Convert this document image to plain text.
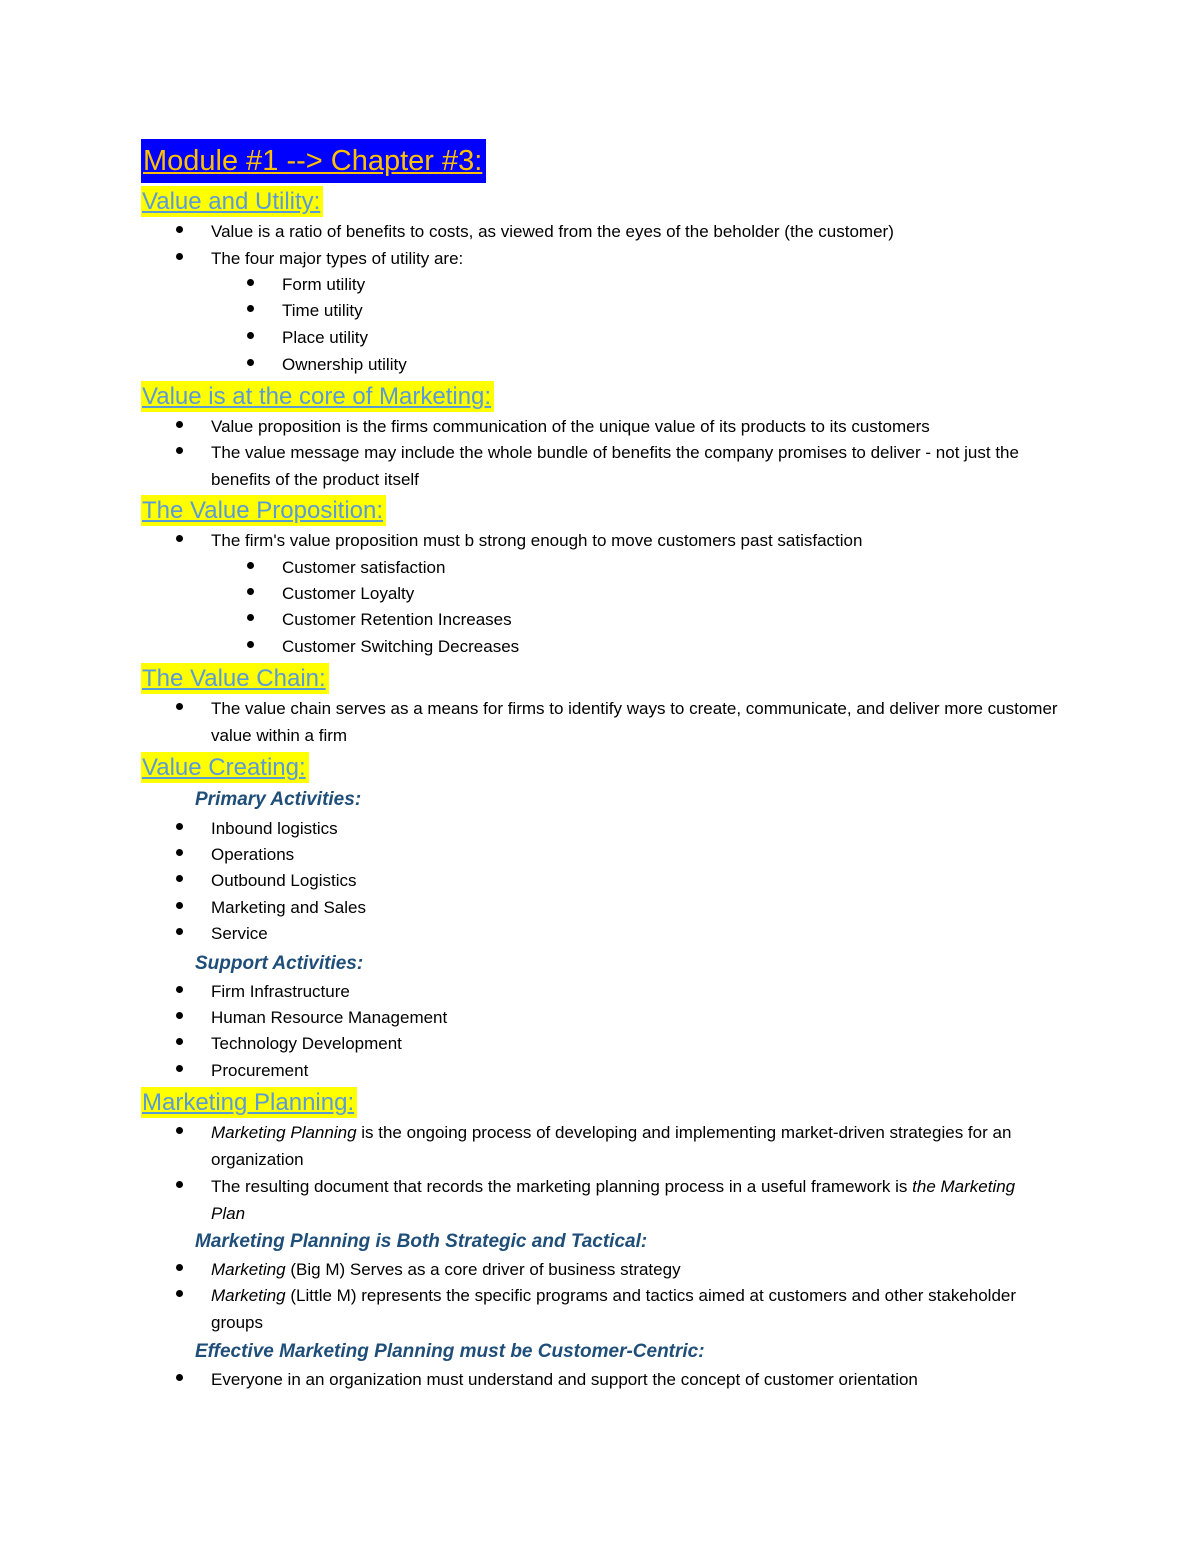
Module #1 --> Chapter #3:
Value and Utility:
Value is a ratio of benefits to costs, as viewed from the eyes of the beholder (the customer)
The four major types of utility are:
Form utility
Time utility
Place utility
Ownership utility
Value is at the core of Marketing:
Value proposition is the firms communication of the unique value of its products to its customers
The value message may include the whole bundle of benefits the company promises to deliver - not just the benefits of the product itself
The Value Proposition:
The firm's value proposition must b strong enough to move customers past satisfaction
Customer satisfaction
Customer Loyalty
Customer Retention Increases
Customer Switching Decreases
The Value Chain:
The value chain serves as a means for firms to identify ways to create, communicate, and deliver more customer value within a firm
Value Creating:
Primary Activities:
Inbound logistics
Operations
Outbound Logistics
Marketing and Sales
Service
Support Activities:
Firm Infrastructure
Human Resource Management
Technology Development
Procurement
Marketing Planning:
Marketing Planning is the ongoing process of developing and implementing market-driven strategies for an organization
The resulting document that records the marketing planning process in a useful framework is the Marketing Plan
Marketing Planning is Both Strategic and Tactical:
Marketing (Big M) Serves as a core driver of business strategy
Marketing (Little M) represents the specific programs and tactics aimed at customers and other stakeholder groups
Effective Marketing Planning must be Customer-Centric:
Everyone in an organization must understand and support the concept of customer orientation
